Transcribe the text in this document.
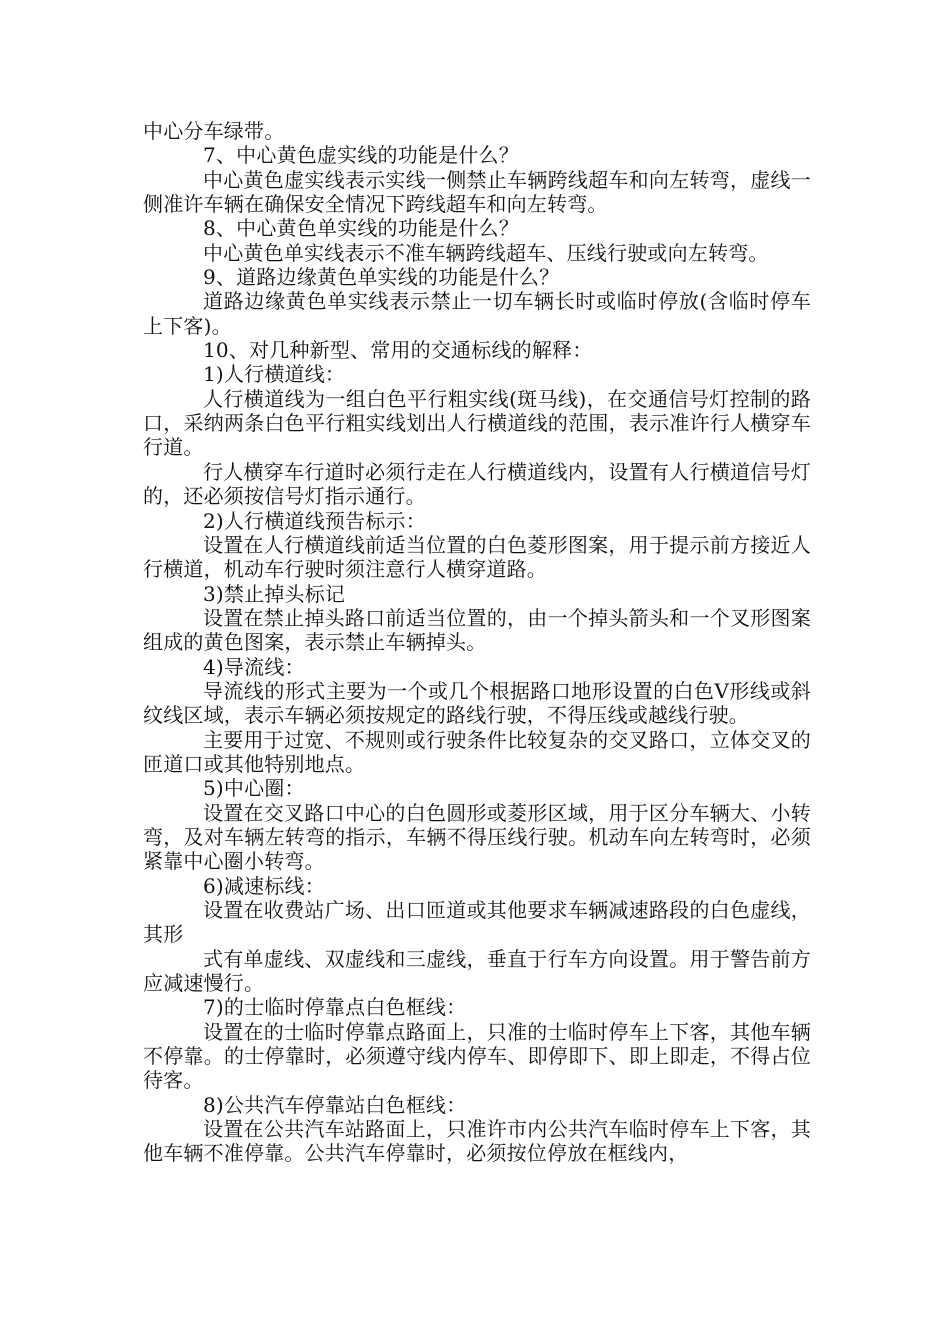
中心分车绿带。

7、中心黄色虚实线的功能是什么？

中心黄色虚实线表示实线一侧禁止车辆跨线超车和向左转弯，虚线一侧准许车辆在确保安全情况下跨线超车和向左转弯。

8、中心黄色单实线的功能是什么？

中心黄色单实线表示不准车辆跨线超车、压线行驶或向左转弯。

9、道路边缘黄色单实线的功能是什么？

道路边缘黄色单实线表示禁止一切车辆长时或临时停放(含临时停车上下客)。

10、对几种新型、常用的交通标线的解释：

1)人行横道线：

人行横道线为一组白色平行粗实线(斑马线)，在交通信号灯控制的路口，采纳两条白色平行粗实线划出人行横道线的范围，表示准许行人横穿车行道。

行人横穿车行道时必须行走在人行横道线内，设置有人行横道信号灯的，还必须按信号灯指示通行。

2)人行横道线预告标示：

设置在人行横道线前适当位置的白色菱形图案，用于提示前方接近人行横道，机动车行驶时须注意行人横穿道路。

3)禁止掉头标记

设置在禁止掉头路口前适当位置的，由一个掉头箭头和一个叉形图案组成的黄色图案，表示禁止车辆掉头。

4)导流线：

导流线的形式主要为一个或几个根据路口地形设置的白色V形线或斜纹线区域，表示车辆必须按规定的路线行驶，不得压线或越线行驶。

主要用于过宽、不规则或行驶条件比较复杂的交叉路口，立体交叉的匝道口或其他特别地点。

5)中心圈：

设置在交叉路口中心的白色圆形或菱形区域，用于区分车辆大、小转弯，及对车辆左转弯的指示，车辆不得压线行驶。机动车向左转弯时，必须紧靠中心圈小转弯。

6)减速标线：

设置在收费站广场、出口匝道或其他要求车辆减速路段的白色虚线，其形

式有单虚线、双虚线和三虚线，垂直于行车方向设置。用于警告前方应减速慢行。

7)的士临时停靠点白色框线：

设置在的士临时停靠点路面上，只准的士临时停车上下客，其他车辆不停靠。的士停靠时，必须遵守线内停车、即停即下、即上即走，不得占位待客。

8)公共汽车停靠站白色框线：

设置在公共汽车站路面上，只准许市内公共汽车临时停车上下客，其他车辆不准停靠。公共汽车停靠时，必须按位停放在框线内，
